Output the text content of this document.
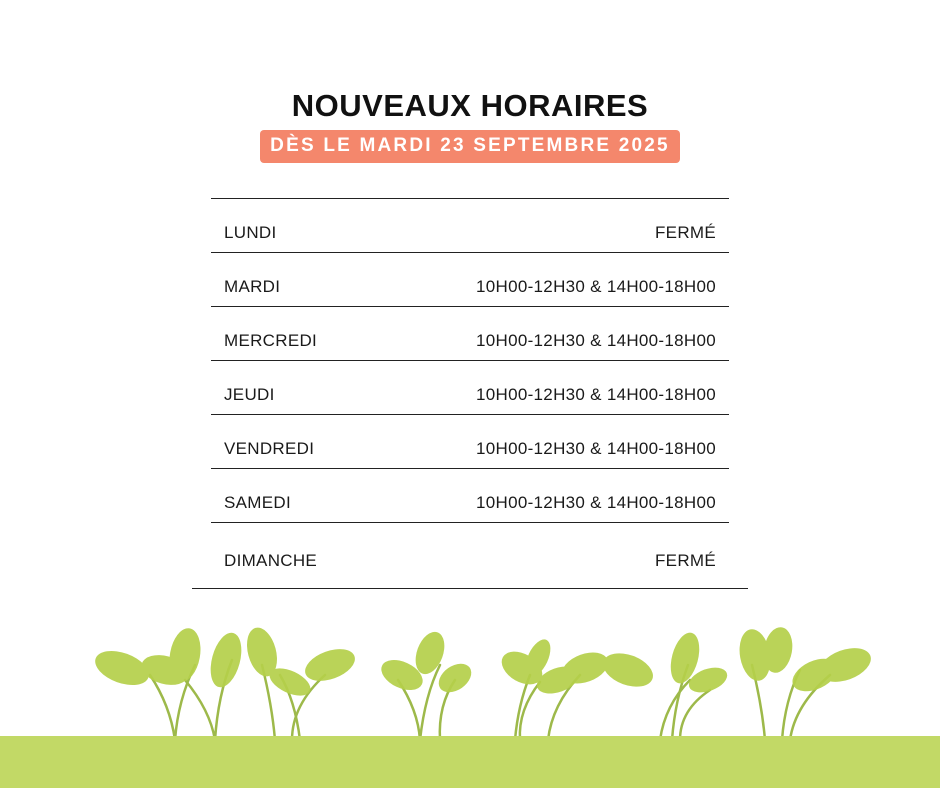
NOUVEAUX HORAIRES
DÈS LE MARDI 23 SEPTEMBRE 2025
LUNDI	FERMÉ
MARDI	10H00-12H30 & 14H00-18H00
MERCREDI	10H00-12H30 & 14H00-18H00
JEUDI	10H00-12H30 & 14H00-18H00
VENDREDI	10H00-12H30 & 14H00-18H00
SAMEDI	10H00-12H30 & 14H00-18H00
DIMANCHE	FERMÉ
